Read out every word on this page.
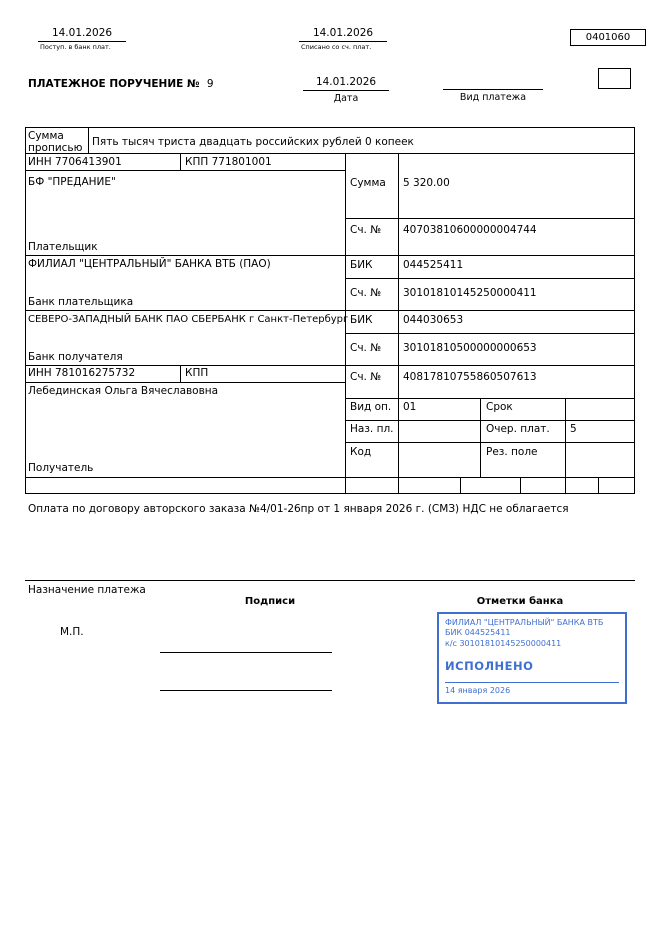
14.01.2026
Поступ. в банк плат.
14.01.2026
Списано со сч. плат.
0401060
ПЛАТЕЖНОЕ ПОРУЧЕНИЕ № 9	14.01.2026
Дата	Вид платежа
Сумма прописью
Пять тысяч триста двадцать российских рублей 0 копеек
ИНН 7706413901	КПП 771801001
БФ "ПРЕДАНИЕ"
Плательщик
Сумма 5 320.00
Сч. № 40703810600000004744
ФИЛИАЛ "ЦЕНТРАЛЬНЫЙ" БАНКА ВТБ (ПАО)
Банк плательщика
БИК	044525411
Сч. № 30101810145250000411
СЕВЕРО-ЗАПАДНЫЙ БАНК ПАО СБЕРБАНК г Санкт-Петербург
Банк получателя
БИК	044030653
Сч. № 30101810500000000653
ИНН 781016275732	КПП
Лебединская Ольга Вячеславовна
Получатель
Сч. № 40817810755860507613
Вид оп. 01	Срок
Наз. пл.	Очер. плат. 5
Код	Рез. поле
Оплата по договору авторского заказа №4/01-26пр от 1 января 2026 г. (СМЗ) НДС не облагается
Назначение платежа
Подписи	Отметки банка
М.П.
ФИЛИАЛ "ЦЕНТРАЛЬНЫЙ" БАНКА ВТБ
БИК 044525411
к/с 30101810145250000411
ИСПОЛНЕНО
14 января 2026
